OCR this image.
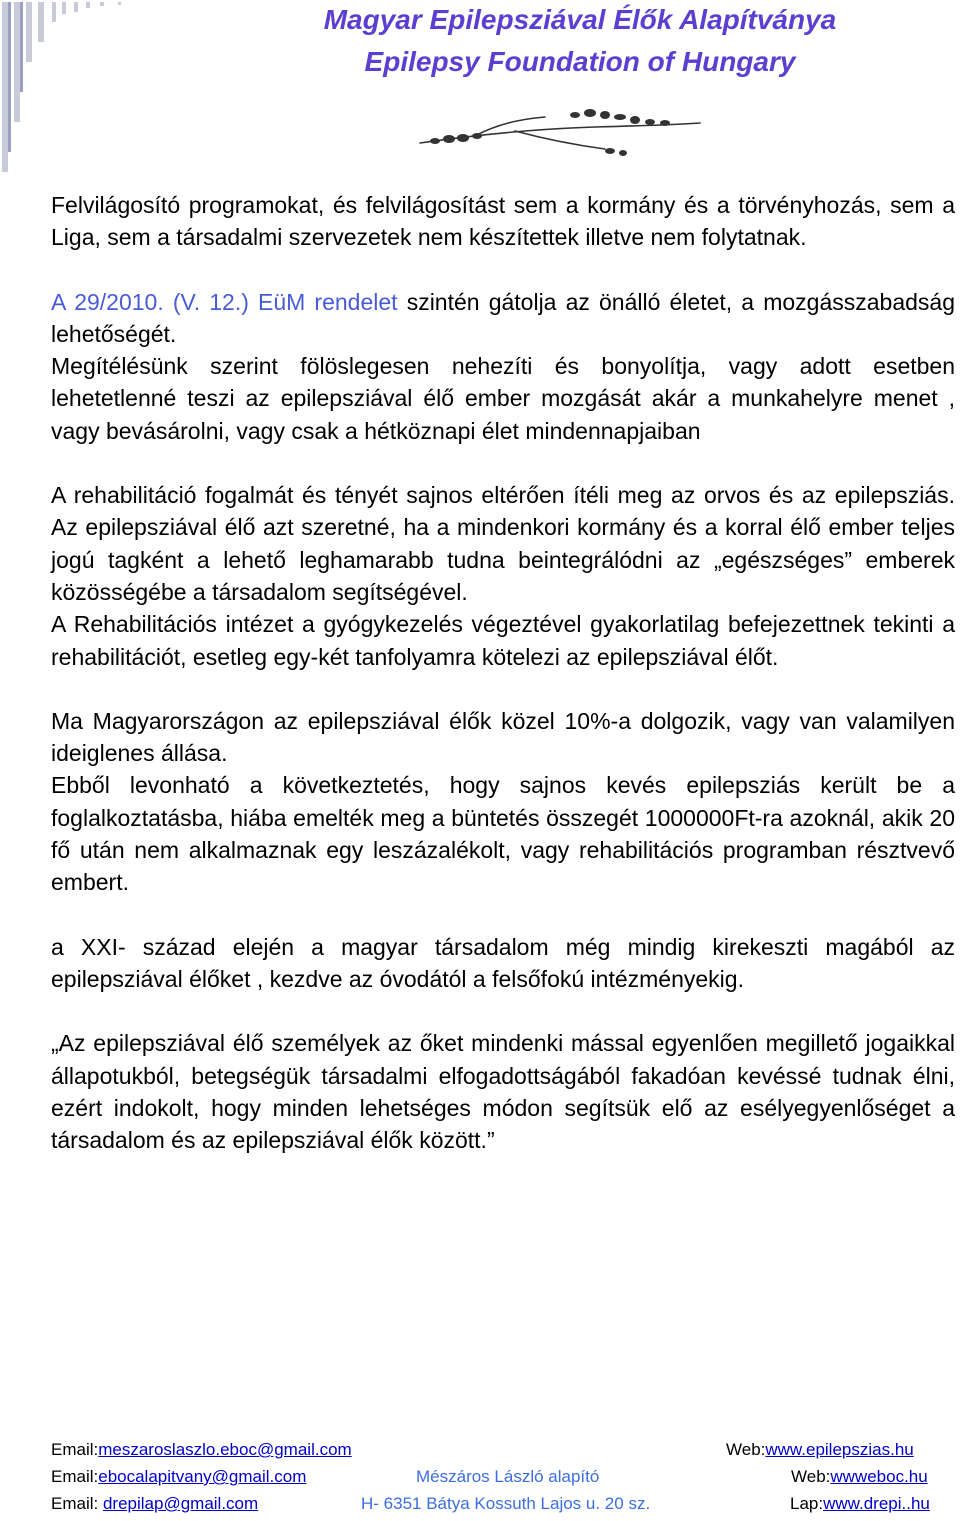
Magyar Epilepsziával Élők Alapítványa
Epilepsy Foundation of Hungary

Felvilágosító programokat, és felvilágosítást sem a kormány és a törvényhozás, sem a Liga, sem a társadalmi szervezetek nem készítettek illetve nem folytatnak.

A 29/2010. (V. 12.) EüM rendelet szintén gátolja az önálló életet, a mozgásszabadság lehetőségét.

Megítélésünk szerint fölöslegesen nehezíti és bonyolítja, vagy adott esetben lehetetlenné teszi az epilepsziával élő ember mozgását akár a munkahelyre menet , vagy bevásárolni, vagy csak a hétköznapi élet mindennapjaiban

A rehabilitáció fogalmát és tényét sajnos eltérően ítéli meg az orvos és az epilepsziás. Az epilepsziával élő azt szeretné, ha a mindenkori kormány és a korral élő ember teljes jogú tagként a lehető leghamarabb tudna beintegrálódni az „egészséges” emberek közösségébe a társadalom segítségével.

A Rehabilitációs intézet a gyógykezelés végeztével gyakorlatilag befejezettnek tekinti a rehabilitációt, esetleg egy-két tanfolyamra kötelezi az epilepsziával élőt.

Ma Magyarországon az epilepsziával élők közel 10%-a dolgozik, vagy van valamilyen ideiglenes állása.

Ebből levonható a következtetés, hogy sajnos kevés epilepsziás került be a foglalkoztatásba, hiába emelték meg a büntetés összegét 1000000Ft-ra azoknál, akik 20 fő után nem alkalmaznak egy leszázalékolt, vagy rehabilitációs programban résztvevő embert.

a XXI- század elején a magyar társadalom még mindig kirekeszti magából az epilepsziával élőket , kezdve az óvodától a felsőfokú intézményekig.

„Az epilepsziával élő személyek az őket mindenki mással egyenlően megillető jogaikkal állapotukból, betegségük társadalmi elfogadottságából fakadóan kevéssé tudnak élni, ezért indokolt, hogy minden lehetséges módon segítsük elő az esélyegyenlőséget a társadalom és az epilepsziával élők között.”

Email:meszaroslaszlo.eboc@gmail.com	Web:www.epilepszias.hu
Email:ebocalapitvany@gmail.com	Mészáros László alapító	Web:wwweboc.hu
Email: drepilap@gmail.com	H- 6351 Bátya Kossuth Lajos u. 20 sz.	Lap:www.drepi..hu
